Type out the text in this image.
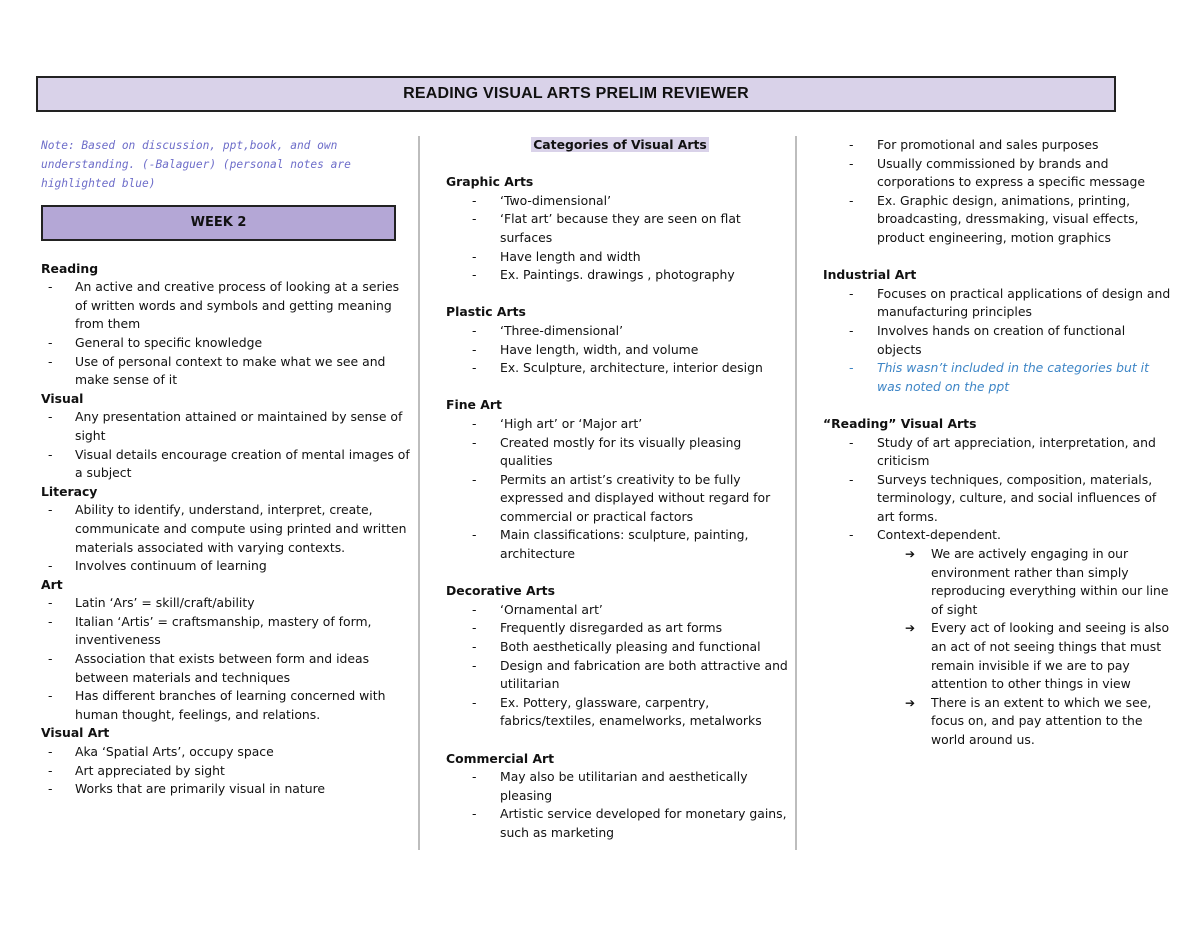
READING VISUAL ARTS PRELIM REVIEWER
Note: Based on discussion, ppt,book, and own understanding. (-Balaguer) (personal notes are highlighted blue)
WEEK 2
Reading
- An active and creative process of looking at a series of written words and symbols and getting meaning from them
- General to specific knowledge
- Use of personal context to make what we see and make sense of it
Visual
- Any presentation attained or maintained by sense of sight
- Visual details encourage creation of mental images of a subject
Literacy
- Ability to identify, understand, interpret, create, communicate and compute using printed and written materials associated with varying contexts.
- Involves continuum of learning
Art
- Latin ‘Ars’ = skill/craft/ability
- Italian ‘Artis’ = craftsmanship, mastery of form, inventiveness
- Association that exists between form and ideas between materials and techniques
- Has different branches of learning concerned with human thought, feelings, and relations.
Visual Art
- Aka ‘Spatial Arts’, occupy space
- Art appreciated by sight
- Works that are primarily visual in nature
Categories of Visual Arts
Graphic Arts
- ‘Two-dimensional’
- ‘Flat art’ because they are seen on flat surfaces
- Have length and width
- Ex. Paintings. drawings , photography
Plastic Arts
- ‘Three-dimensional’
- Have length, width, and volume
- Ex. Sculpture, architecture, interior design
Fine Art
- ‘High art’ or ‘Major art’
- Created mostly for its visually pleasing qualities
- Permits an artist’s creativity to be fully expressed and displayed without regard for commercial or practical factors
- Main classifications: sculpture, painting, architecture
Decorative Arts
- ‘Ornamental art’
- Frequently disregarded as art forms
- Both aesthetically pleasing and functional
- Design and fabrication are both attractive and utilitarian
- Ex. Pottery, glassware, carpentry, fabrics/textiles, enamelworks, metalworks
Commercial Art
- May also be utilitarian and aesthetically pleasing
- Artistic service developed for monetary gains, such as marketing
- For promotional and sales purposes
- Usually commissioned by brands and corporations to express a specific message
- Ex. Graphic design, animations, printing, broadcasting, dressmaking, visual effects, product engineering, motion graphics
Industrial Art
- Focuses on practical applications of design and manufacturing principles
- Involves hands on creation of functional objects
- This wasn’t included in the categories but it was noted on the ppt
“Reading” Visual Arts
- Study of art appreciation, interpretation, and criticism
- Surveys techniques, composition, materials, terminology, culture, and social influences of art forms.
- Context-dependent.
➔ We are actively engaging in our environment rather than simply reproducing everything within our line of sight
➔ Every act of looking and seeing is also an act of not seeing things that must remain invisible if we are to pay attention to other things in view
➔ There is an extent to which we see, focus on, and pay attention to the world around us.
